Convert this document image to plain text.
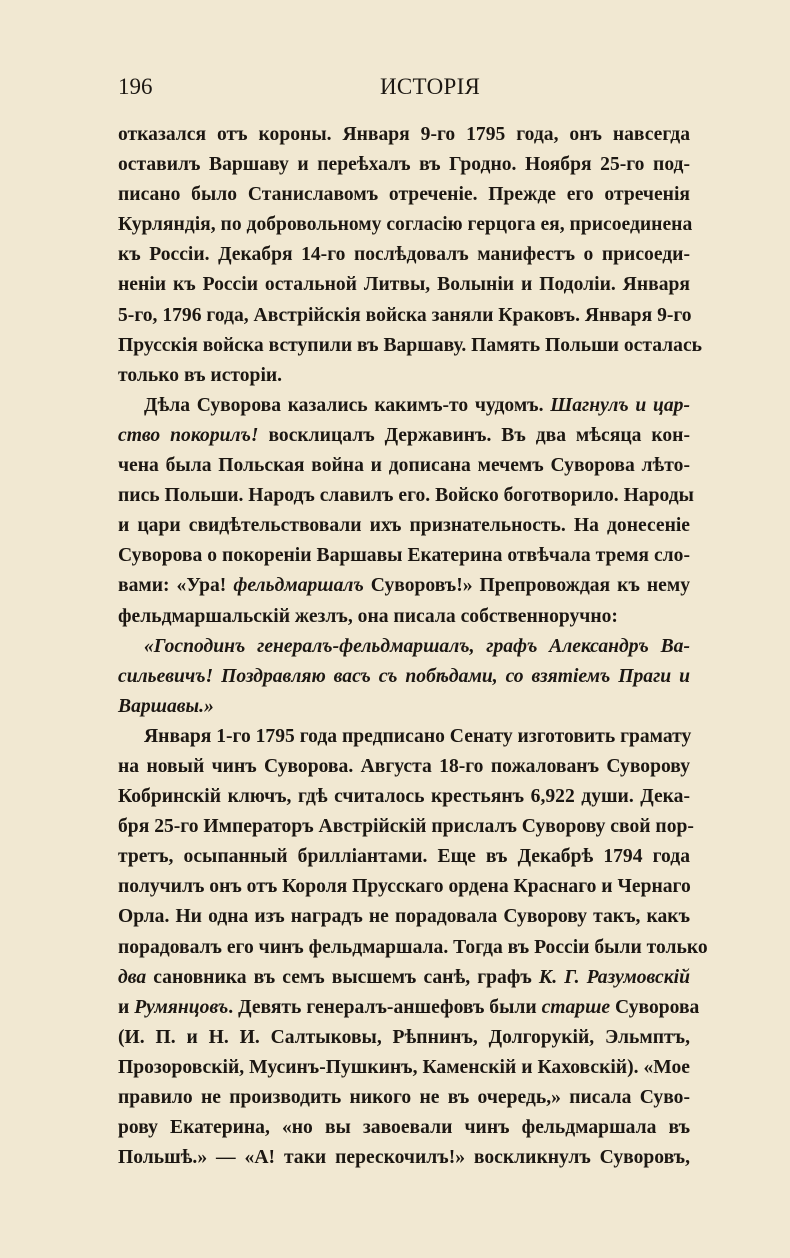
196	ИСТОРІЯ
отказался отъ короны. Января 9-го 1795 года, онъ навсегда
оставилъ Варшаву и переѣхалъ въ Гродно. Ноября 25-го под-
писано было Станиславомъ отреченіе. Прежде его отреченія
Курляндія, по добровольному согласію герцога ея, присоединена
къ Россіи. Декабря 14-го послѣдовалъ манифестъ о присоеди-
неніи къ Россіи остальной Литвы, Волыніи и Подоліи. Января
5-го, 1796 года, Австрійскія войска заняли Краковъ. Января 9-го
Прусскія войска вступили въ Варшаву. Память Польши осталась
только въ исторіи.
Дѣла Суворова казались какимъ-то чудомъ. Шагнулъ и цар-
ство покорилъ! восклицалъ Державинъ. Въ два мѣсяца кон-
чена была Польская война и дописана мечемъ Суворова лѣто-
пись Польши. Народъ славилъ его. Войско боготворило. Народы
и цари свидѣтельствовали ихъ признательность. На донесеніе
Суворова о покореніи Варшавы Екатерина отвѣчала тремя сло-
вами: «Ура! фельдмаршалъ Суворовъ!» Препровождая къ нему
фельдмаршальскій жезлъ, она писала собственноручно:
«Господинъ генералъ-фельдмаршалъ, графъ Александръ Ва-
сильевичъ! Поздравляю васъ съ побѣдами, со взятіемъ Праги и
Варшавы.»
Января 1-го 1795 года предписано Сенату изготовить грамату
на новый чинъ Суворова. Августа 18-го пожалованъ Суворову
Кобринскій ключъ, гдѣ считалось крестьянъ 6,922 души. Дека-
бря 25-го Императоръ Австрійскій прислалъ Суворову свой пор-
третъ, осыпанный бриллiантами. Еще въ Декабрѣ 1794 года
получилъ онъ отъ Короля Прусскаго ордена Краснаго и Чернаго
Орла. Ни одна изъ наградъ не порадовала Суворову такъ, какъ
порадовалъ его чинъ фельдмаршала. Тогда въ Россіи были только
два сановника въ семъ высшемъ санѣ, графъ К. Г. Разумовскій
и Румянцовъ. Девять генералъ-аншефовъ были старше Суворова
(И. П. и Н. И. Салтыковы, Рѣпнинъ, Долгорукій, Эльмптъ,
Прозоровскій, Мусинъ-Пушкинъ, Каменскій и Каховскій). «Мое
правило не производить никого не въ очередь,» писала Суво-
рову Екатерина, «но вы завоевали чинъ фельдмаршала въ
Польшѣ.» — «А! таки перескочилъ!» воскликнулъ Суворовъ,
